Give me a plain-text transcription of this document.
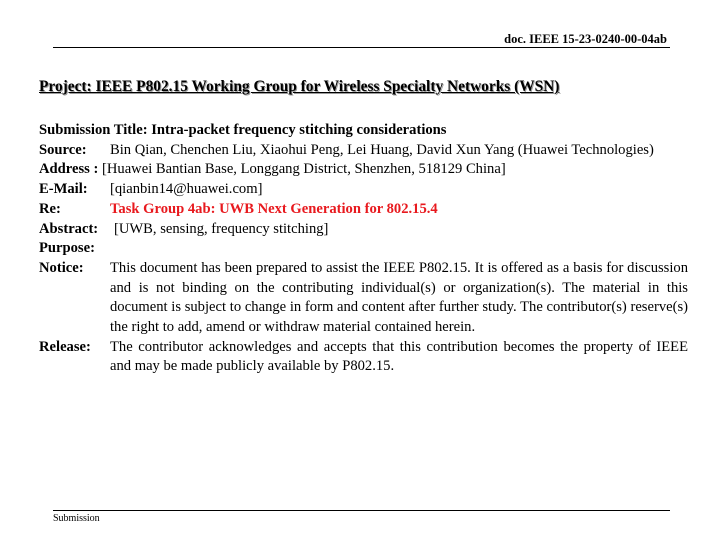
doc. IEEE 15-23-0240-00-04ab
Project: IEEE P802.15 Working Group for Wireless Specialty Networks (WSN)
Submission Title: Intra-packet frequency stitching considerations
Source:	Bin Qian, Chenchen Liu, Xiaohui Peng, Lei Huang, David Xun Yang (Huawei Technologies)
Address : [Huawei Bantian Base, Longgang District, Shenzhen, 518129 China]
E-Mail:	[qianbin14@huawei.com]
Re:	Task Group 4ab: UWB Next Generation for 802.15.4
Abstract:	[UWB, sensing, frequency stitching]
Purpose:
Notice:	This document has been prepared to assist the IEEE P802.15. It is offered as a basis for discussion and is not binding on the contributing individual(s) or organization(s). The material in this document is subject to change in form and content after further study. The contributor(s) reserve(s) the right to add, amend or withdraw material contained herein.
Release:	The contributor acknowledges and accepts that this contribution becomes the property of IEEE and may be made publicly available by P802.15.
Submission
